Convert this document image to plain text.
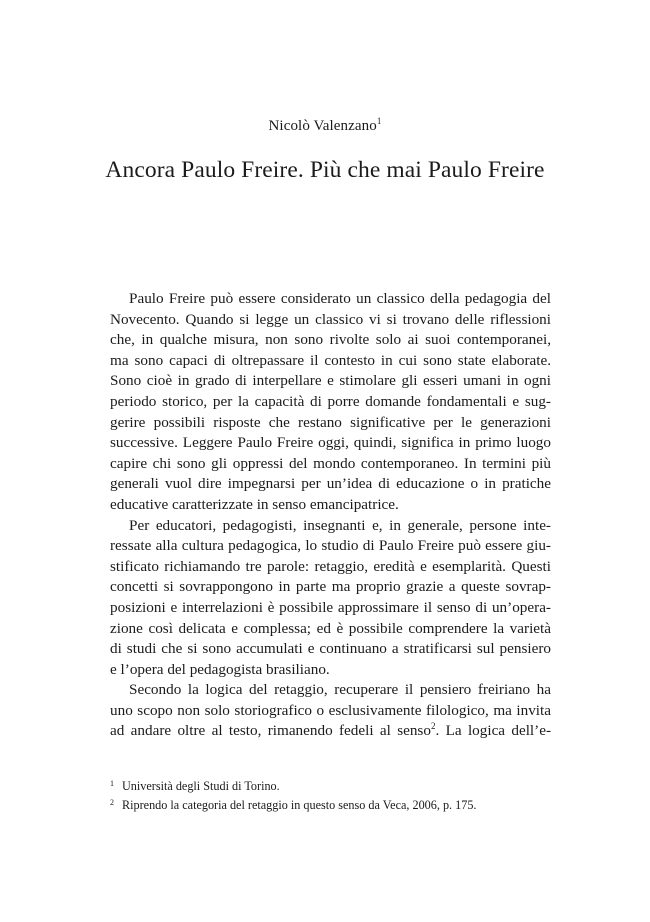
Nicolò Valenzano$^1$
Ancora Paulo Freire. Più che mai Paulo Freire
Paulo Freire può essere considerato un classico della pedagogia del
Novecento. Quando si legge un classico vi si trovano delle riflessioni
che, in qualche misura, non sono rivolte solo ai suoi contemporanei,
ma sono capaci di oltrepassare il contesto in cui sono state elaborate.
Sono cioè in grado di interpellare e stimolare gli esseri umani in ogni
periodo storico, per la capacità di porre domande fondamentali e sug-
gerire possibili risposte che restano significative per le generazioni
successive. Leggere Paulo Freire oggi, quindi, significa in primo luogo
capire chi sono gli oppressi del mondo contemporaneo. In termini più
generali vuol dire impegnarsi per un’idea di educazione o in pratiche
educative caratterizzate in senso emancipatrice.
Per educatori, pedagogisti, insegnanti e, in generale, persone inte-
ressate alla cultura pedagogica, lo studio di Paulo Freire può essere giu-
stificato richiamando tre parole: retaggio, eredità e esemplarità. Questi
concetti si sovrappongono in parte ma proprio grazie a queste sovrap-
posizioni e interrelazioni è possibile approssimare il senso di un’opera-
zione così delicata e complessa; ed è possibile comprendere la varietà
di studi che si sono accumulati e continuano a stratificarsi sul pensiero
e l’opera del pedagogista brasiliano.
Secondo la logica del retaggio, recuperare il pensiero freiriano ha
uno scopo non solo storiografico o esclusivamente filologico, ma invita
ad andare oltre al testo, rimanendo fedeli al senso$^2$. La logica dell’e-
1 Università degli Studi di Torino.
2 Riprendo la categoria del retaggio in questo senso da Veca, 2006, p. 175.
